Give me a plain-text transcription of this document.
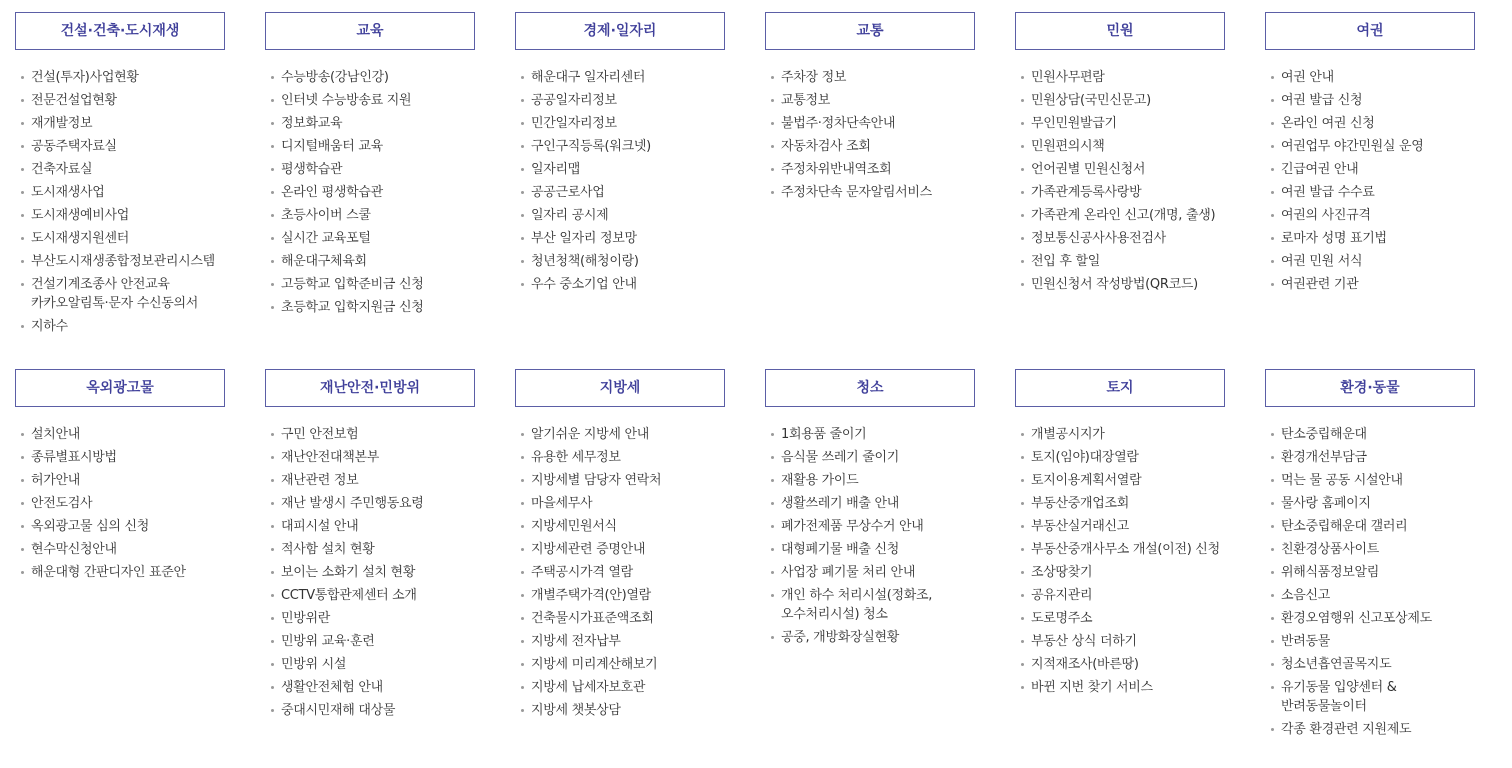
건설·건축·도시재생
건설(투자)사업현황
전문건설업현황
재개발정보
공동주택자료실
건축자료실
도시재생사업
도시재생예비사업
도시재생지원센터
부산도시재생종합정보관리시스템
건설기계조종사 안전교육 카카오알림톡·문자 수신동의서
지하수
교육
수능방송(강남인강)
인터넷 수능방송료 지원
정보화교육
디지털배움터 교육
평생학습관
온라인 평생학습관
초등사이버 스쿨
실시간 교육포털
해운대구체육회
고등학교 입학준비금 신청
초등학교 입학지원금 신청
경제·일자리
해운대구 일자리센터
공공일자리정보
민간일자리정보
구인구직등록(워크넷)
일자리맵
공공근로사업
일자리 공시제
부산 일자리 정보망
청년청책(해청이랑)
우수 중소기업 안내
교통
주차장 정보
교통정보
불법주·정차단속안내
자동차검사 조회
주정차위반내역조회
주정차단속 문자알림서비스
민원
민원사무편람
민원상담(국민신문고)
무인민원발급기
민원편의시책
언어권별 민원신청서
가족관계등록사랑방
가족관계 온라인 신고(개명, 출생)
정보통신공사사용전검사
전입 후 할일
민원신청서 작성방법(QR코드)
여권
여권 안내
여권 발급 신청
온라인 여권 신청
여권업무 야간민원실 운영
긴급여권 안내
여권 발급 수수료
여권의 사진규격
로마자 성명 표기법
여권 민원 서식
여권관련 기관
옥외광고물
설치안내
종류별표시방법
허가안내
안전도검사
옥외광고물 심의 신청
현수막신청안내
해운대형 간판디자인 표준안
재난안전·민방위
구민 안전보험
재난안전대책본부
재난관련 정보
재난 발생시 주민행동요령
대피시설 안내
적사함 설치 현황
보이는 소화기 설치 현황
CCTV통합관제센터 소개
민방위란
민방위 교육·훈련
민방위 시설
생활안전체험 안내
중대시민재해 대상물
지방세
알기쉬운 지방세 안내
유용한 세무정보
지방세별 담당자 연락처
마을세무사
지방세민원서식
지방세관련 증명안내
주택공시가격 열람
개별주택가격(안)열람
건축물시가표준액조회
지방세 전자납부
지방세 미리계산해보기
지방세 납세자보호관
지방세 챗봇상담
청소
1회용품 줄이기
음식물 쓰레기 줄이기
재활용 가이드
생활쓰레기 배출 안내
폐가전제품 무상수거 안내
대형폐기물 배출 신청
사업장 폐기물 처리 안내
개인 하수 처리시설(정화조, 오수처리시설) 청소
공중, 개방화장실현황
토지
개별공시지가
토지(임야)대장열람
토지이용계획서열람
부동산중개업조회
부동산실거래신고
부동산중개사무소 개설(이전) 신청
조상땅찾기
공유지관리
도로명주소
부동산 상식 더하기
지적재조사(바른땅)
바뀐 지번 찾기 서비스
환경·동물
탄소중립해운대
환경개선부담금
먹는 물 공동 시설안내
물사랑 홈페이지
탄소중립해운대 갤러리
친환경상품사이트
위해식품정보알림
소음신고
환경오염행위 신고포상제도
반려동물
청소년흡연골목지도
유기동물 입양센터 & 반려동물놀이터
각종 환경관련 지원제도
